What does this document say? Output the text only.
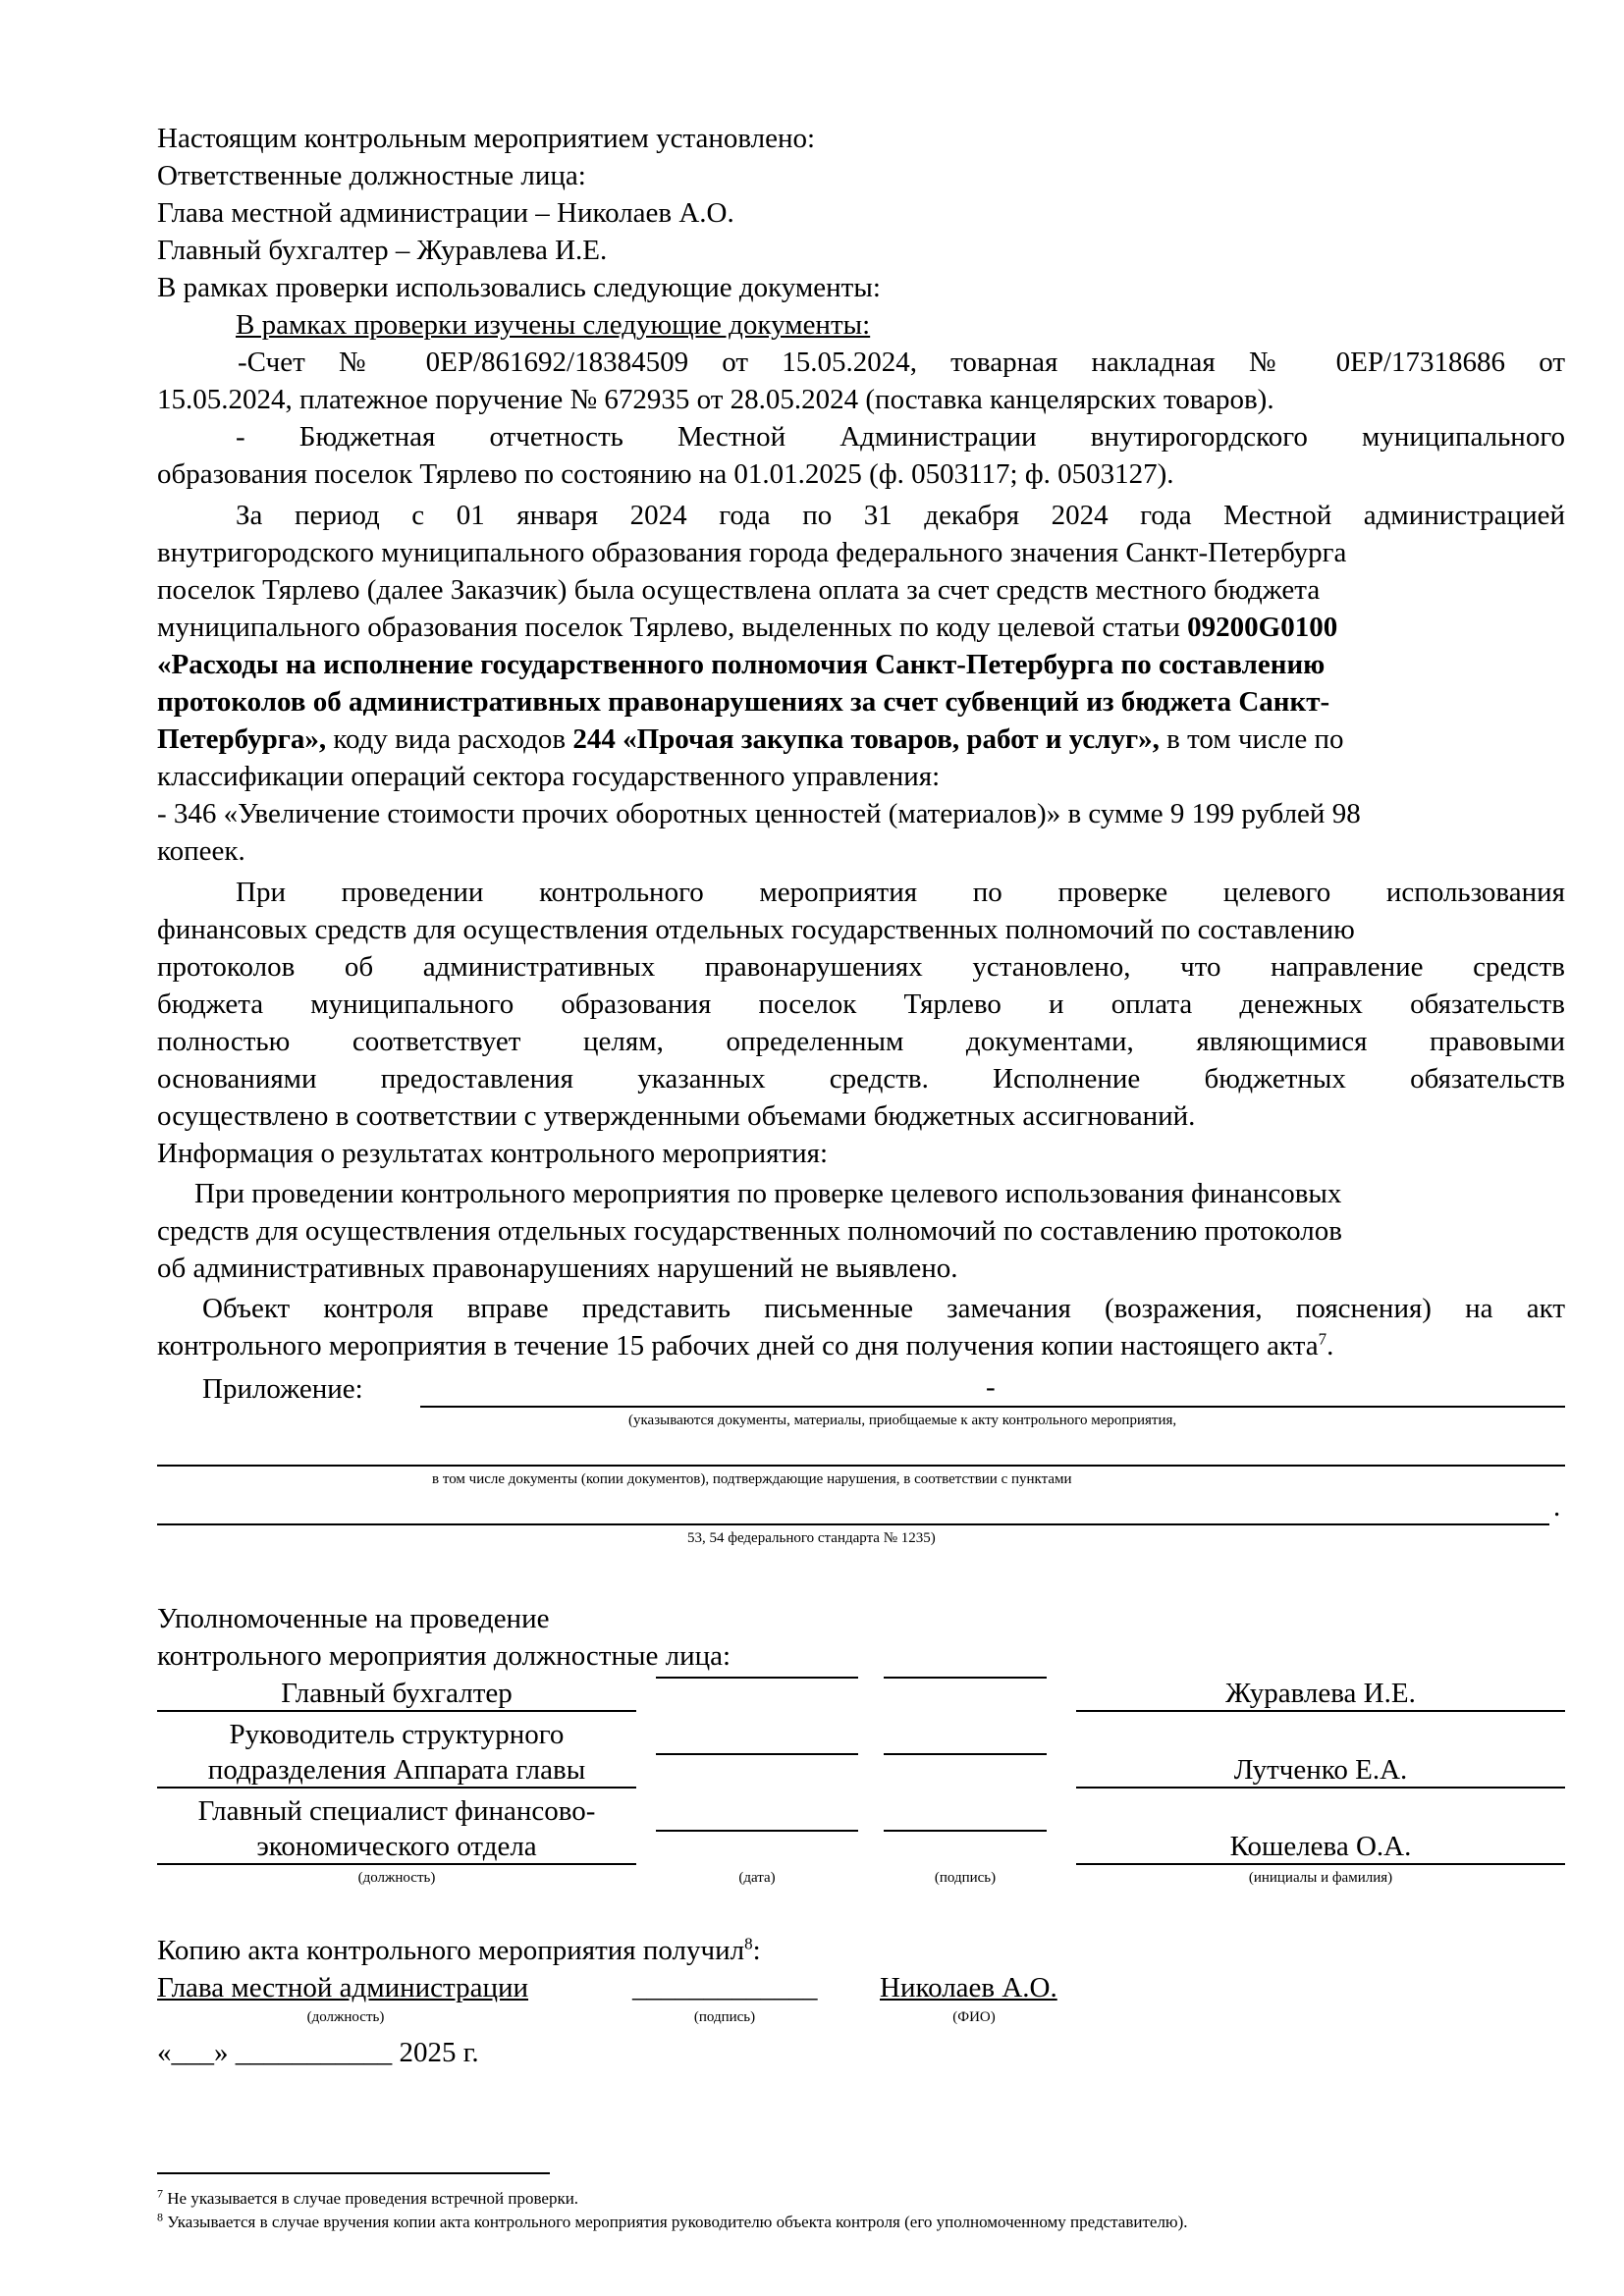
Настоящим контрольным мероприятием установлено:
Ответственные должностные лица:
Глава местной администрации – Николаев А.О.
Главный бухгалтер – Журавлева И.Е.
В рамках проверки использовались следующие документы:
В рамках проверки изучены следующие документы:
-Счет № 0ЕР/861692/18384509 от 15.05.2024, товарная накладная № 0ЕР/17318686 от
15.05.2024, платежное поручение № 672935 от 28.05.2024 (поставка канцелярских товаров).
- Бюджетная отчетность Местной Администрации внутирогордского муниципального
образования поселок Тярлево по состоянию на 01.01.2025 (ф. 0503117; ф. 0503127).
За период с 01 января 2024 года по 31 декабря 2024 года Местной администрацией
внутригородского муниципального образования города федерального значения Санкт-Петербурга
поселок Тярлево (далее Заказчик) была осуществлена оплата за счет средств местного бюджета
муниципального образования поселок Тярлево, выделенных по коду целевой статьи 09200G0100
«Расходы на исполнение государственного полномочия Санкт-Петербурга по составлению
протоколов об административных правонарушениях за счет субвенций из бюджета Санкт-
Петербурга», коду вида расходов 244 «Прочая закупка товаров, работ и услуг», в том числе по
классификации операций сектора государственного управления:
- 346 «Увеличение стоимости прочих оборотных ценностей (материалов)» в сумме 9 199 рублей 98
копеек.
При проведении контрольного мероприятия по проверке целевого использования
финансовых средств для осуществления отдельных государственных полномочий по составлению
протоколов об административных правонарушениях установлено, что направление средств
бюджета муниципального образования поселок Тярлево и оплата денежных обязательств
полностью соответствует целям, определенным документами, являющимися правовыми
основаниями предоставления указанных средств. Исполнение бюджетных обязательств
осуществлено в соответствии с утвержденными объемами бюджетных ассигнований.
Информация о результатах контрольного мероприятия:
При проведении контрольного мероприятия по проверке целевого использования финансовых
средств для осуществления отдельных государственных полномочий по составлению протоколов
об административных правонарушениях нарушений не выявлено.
Объект контроля вправе представить письменные замечания (возражения, пояснения) на акт
контрольного мероприятия в течение 15 рабочих дней со дня получения копии настоящего акта$^7$.
Приложение:	-
(указываются документы, материалы, приобщаемые к акту контрольного мероприятия,
в том числе документы (копии документов), подтверждающие нарушения, в соответствии с пунктами
.
53, 54 федерального стандарта № 1235)
Уполномоченные на проведение
контрольного мероприятия должностные лица:
Главный бухгалтер	Журавлева И.Е.
Руководитель структурного
подразделения Аппарата главы	Лутченко Е.А.
Главный специалист финансово-
экономического отдела	Кошелева О.А.
(должность)	(дата)	(подпись)	(инициалы и фамилия)
Копию акта контрольного мероприятия получил$^8$:
Глава местной администрации	_____________ Николаев А.О.
(должность)	(подпись)	(ФИО)
«___» ___________ 2025 г.
$^7$ Не указывается в случае проведения встречной проверки.
$^8$ Указывается в случае вручения копии акта контрольного мероприятия руководителю объекта контроля (его уполномоченному представителю).
